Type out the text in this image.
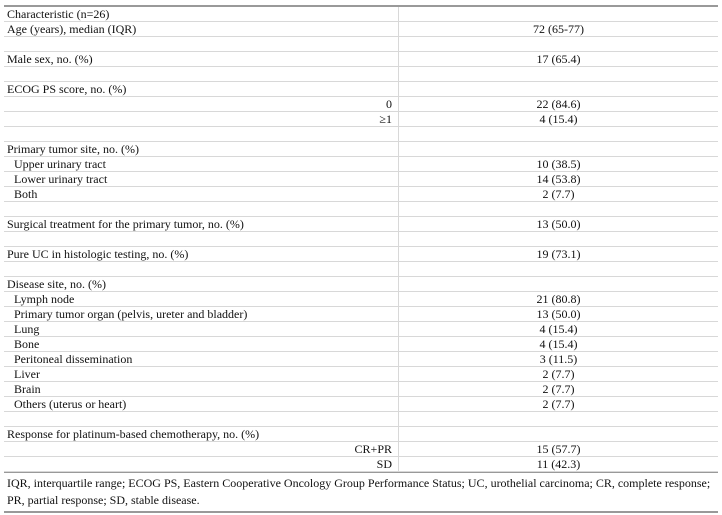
Characteristic (n=26)	
Age (years), median (IQR)	72 (65-77)

Male sex, no. (%)	17 (65.4)

ECOG PS score, no. (%)	
0	22 (84.6)
≥1	4 (15.4)

Primary tumor site, no. (%)	
Upper urinary tract	10 (38.5)
Lower urinary tract	14 (53.8)
Both	2 (7.7)

Surgical treatment for the primary tumor, no. (%)	13 (50.0)

Pure UC in histologic testing, no. (%)	19 (73.1)

Disease site, no. (%)	
Lymph node	21 (80.8)
Primary tumor organ (pelvis, ureter and bladder)	13 (50.0)
Lung	4 (15.4)
Bone	4 (15.4)
Peritoneal dissemination	3 (11.5)
Liver	2 (7.7)
Brain	2 (7.7)
Others (uterus or heart)	2 (7.7)

Response for platinum-based chemotherapy, no. (%)	
CR+PR	15 (57.7)
SD	11 (42.3)
IQR, interquartile range; ECOG PS, Eastern Cooperative Oncology Group Performance Status; UC, urothelial carcinoma; CR, complete response; PR, partial response; SD, stable disease.
